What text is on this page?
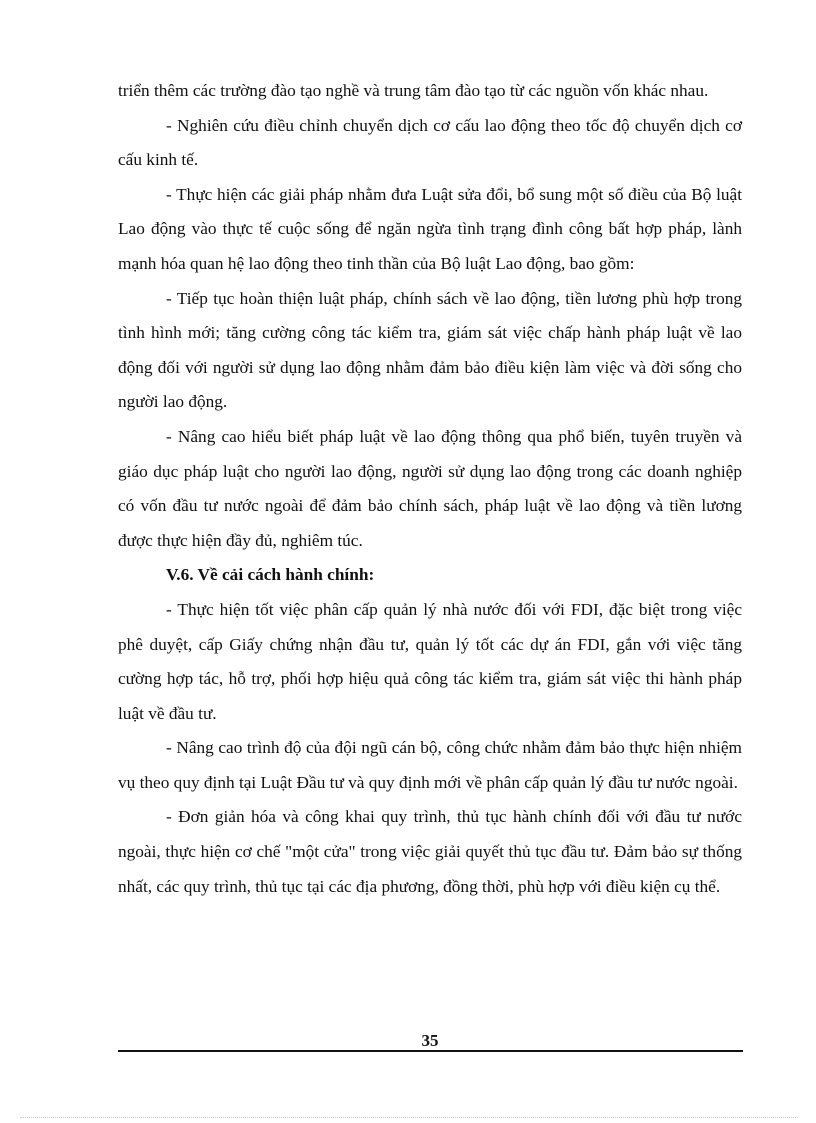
triển thêm các trường đào tạo nghề và trung tâm đào tạo từ các nguồn vốn khác nhau.

- Nghiên cứu điều chỉnh chuyển dịch cơ cấu lao động theo tốc độ chuyển dịch cơ cấu kinh tế.

- Thực hiện các giải pháp nhằm đưa Luật sửa đổi, bổ sung một số điều của Bộ luật Lao động vào thực tế cuộc sống để ngăn ngừa tình trạng đình công bất hợp pháp, lành mạnh hóa quan hệ lao động theo tinh thần của Bộ luật Lao động, bao gồm:

- Tiếp tục hoàn thiện luật pháp, chính sách về lao động, tiền lương phù hợp trong tình hình mới; tăng cường công tác kiểm tra, giám sát việc chấp hành pháp luật về lao động đối với người sử dụng lao động nhằm đảm bảo điều kiện làm việc và đời sống cho người lao động.

- Nâng cao hiểu biết pháp luật về lao động thông qua phổ biến, tuyên truyền và giáo dục pháp luật cho người lao động, người sử dụng lao động trong các doanh nghiệp có vốn đầu tư nước ngoài để đảm bảo chính sách, pháp luật về lao động và tiền lương được thực hiện đầy đủ, nghiêm túc.

V.6. Về cải cách hành chính:

- Thực hiện tốt việc phân cấp quản lý nhà nước đối với FDI, đặc biệt trong việc phê duyệt, cấp Giấy chứng nhận đầu tư, quản lý tốt các dự án FDI, gắn với việc tăng cường hợp tác, hỗ trợ, phối hợp hiệu quả công tác kiểm tra, giám sát việc thi hành pháp luật về đầu tư.

- Nâng cao trình độ của đội ngũ cán bộ, công chức nhằm đảm bảo thực hiện nhiệm vụ theo quy định tại Luật Đầu tư và quy định mới về phân cấp quản lý đầu tư nước ngoài.

- Đơn giản hóa và công khai quy trình, thủ tục hành chính đối với đầu tư nước ngoài, thực hiện cơ chế "một cửa" trong việc giải quyết thủ tục đầu tư. Đảm bảo sự thống nhất, các quy trình, thủ tục tại các địa phương, đồng thời, phù hợp với điều kiện cụ thể.

35
